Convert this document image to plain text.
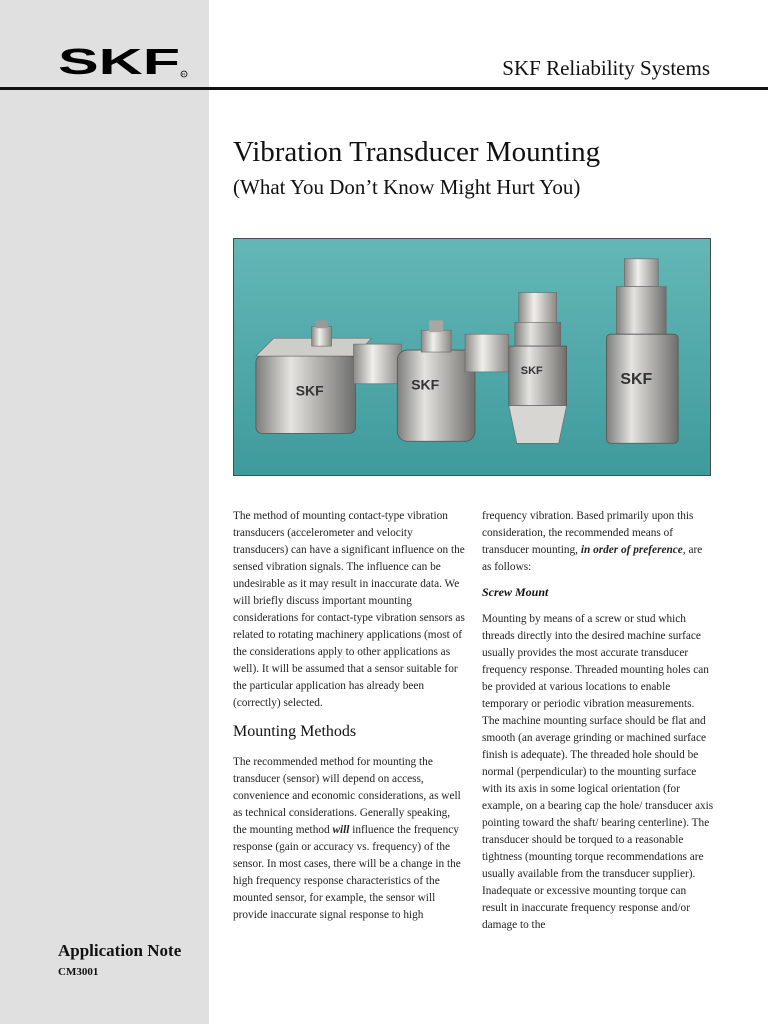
SKF R	SKF Reliability Systems
Vibration Transducer Mounting
(What You Don’t Know Might Hurt You)
SKF	SKF
SKF	SKF

The method of mounting contact-type vibration transducers (accelerometer and velocity transducers) can have a significant influence on the sensed vibration signals. The influence can be undesirable as it may result in inaccurate data. We will briefly discuss important mounting considerations for contact-type vibration sensors as related to rotating machinery applications (most of the considerations apply to other applications as well). It will be assumed that a sensor suitable for the particular application has already been (correctly) selected.

Mounting Methods

The recommended method for mounting the transducer (sensor) will depend on access, convenience and economic considerations, as well as technical considerations. Generally speaking, the mounting method will influence the frequency response (gain or accuracy vs. frequency) of the sensor. In most cases, there will be a change in the high frequency response characteristics of the mounted sensor, for example, the sensor will provide inaccurate signal response to high

frequency vibration. Based primarily upon this consideration, the recommended means of transducer mounting, in order of preference, are as follows:

Screw Mount

Mounting by means of a screw or stud which threads directly into the desired machine surface usually provides the most accurate transducer frequency response. Threaded mounting holes can be provided at various locations to enable temporary or periodic vibration measurements. The machine mounting surface should be flat and smooth (an average grinding or machined surface finish is adequate). The threaded hole should be normal (perpendicular) to the mounting surface with its axis in some logical orientation (for example, on a bearing cap the hole/ transducer axis pointing toward the shaft/ bearing centerline). The transducer should be torqued to a reasonable tightness (mounting torque recommendations are usually available from the transducer supplier). Inadequate or excessive mounting torque can result in inaccurate frequency response and/or damage to the

Application Note
CM3001
